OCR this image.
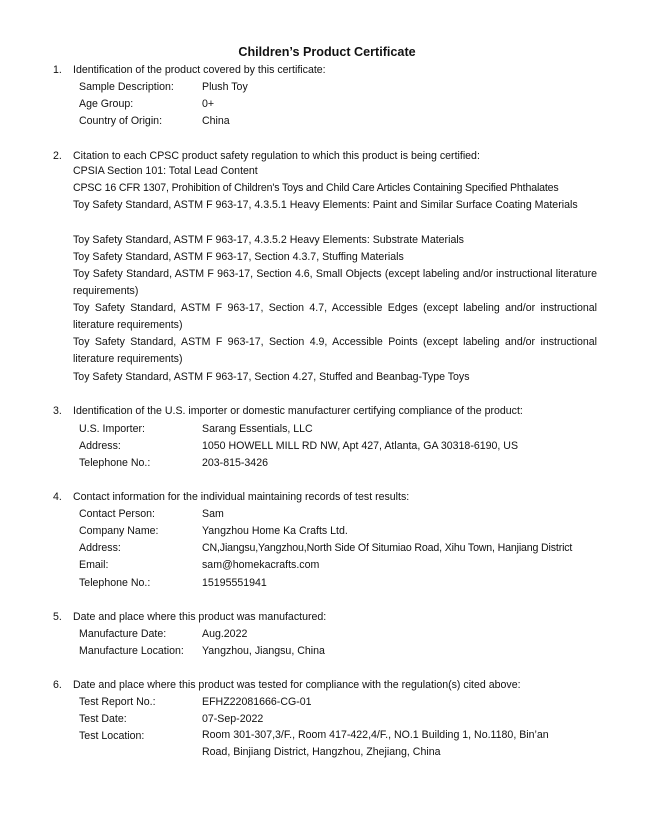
Children’s Product Certificate
1. Identification of the product covered by this certificate:
Sample Description:	Plush Toy
Age Group:	0+
Country of Origin:	China
2. Citation to each CPSC product safety regulation to which this product is being certified:
CPSIA Section 101: Total Lead Content
CPSC 16 CFR 1307, Prohibition of Children's Toys and Child Care Articles Containing Specified Phthalates
Toy Safety Standard, ASTM F 963-17, 4.3.5.1 Heavy Elements: Paint and Similar Surface Coating Materials
Toy Safety Standard, ASTM F 963-17, 4.3.5.2 Heavy Elements: Substrate Materials
Toy Safety Standard, ASTM F 963-17, Section 4.3.7, Stuffing Materials
Toy Safety Standard, ASTM F 963-17, Section 4.6, Small Objects (except labeling and/or instructional literature requirements)
Toy Safety Standard, ASTM F 963-17, Section 4.7, Accessible Edges (except labeling and/or instructional literature requirements)
Toy Safety Standard, ASTM F 963-17, Section 4.9, Accessible Points (except labeling and/or instructional literature requirements)
Toy Safety Standard, ASTM F 963-17, Section 4.27, Stuffed and Beanbag-Type Toys
3. Identification of the U.S. importer or domestic manufacturer certifying compliance of the product:
U.S. Importer:	Sarang Essentials, LLC
Address:	1050 HOWELL MILL RD NW, Apt 427, Atlanta, GA 30318-6190, US
Telephone No.:	203-815-3426
4. Contact information for the individual maintaining records of test results:
Contact Person:	Sam
Company Name:	Yangzhou Home Ka Crafts Ltd.
Address:	CN,Jiangsu,Yangzhou,North Side Of Situmiao Road, Xihu Town, Hanjiang District
Email:	sam@homekacrafts.com
Telephone No.:	15195551941
5. Date and place where this product was manufactured:
Manufacture Date:	Aug.2022
Manufacture Location: Yangzhou, Jiangsu, China
6. Date and place where this product was tested for compliance with the regulation(s) cited above:
Test Report No.:	EFHZ22081666-CG-01
Test Date:	07-Sep-2022
Test Location:	Room 301-307,3/F., Room 417-422,4/F., NO.1 Building 1, No.1180, Bin’an Road, Binjiang District, Hangzhou, Zhejiang, China
